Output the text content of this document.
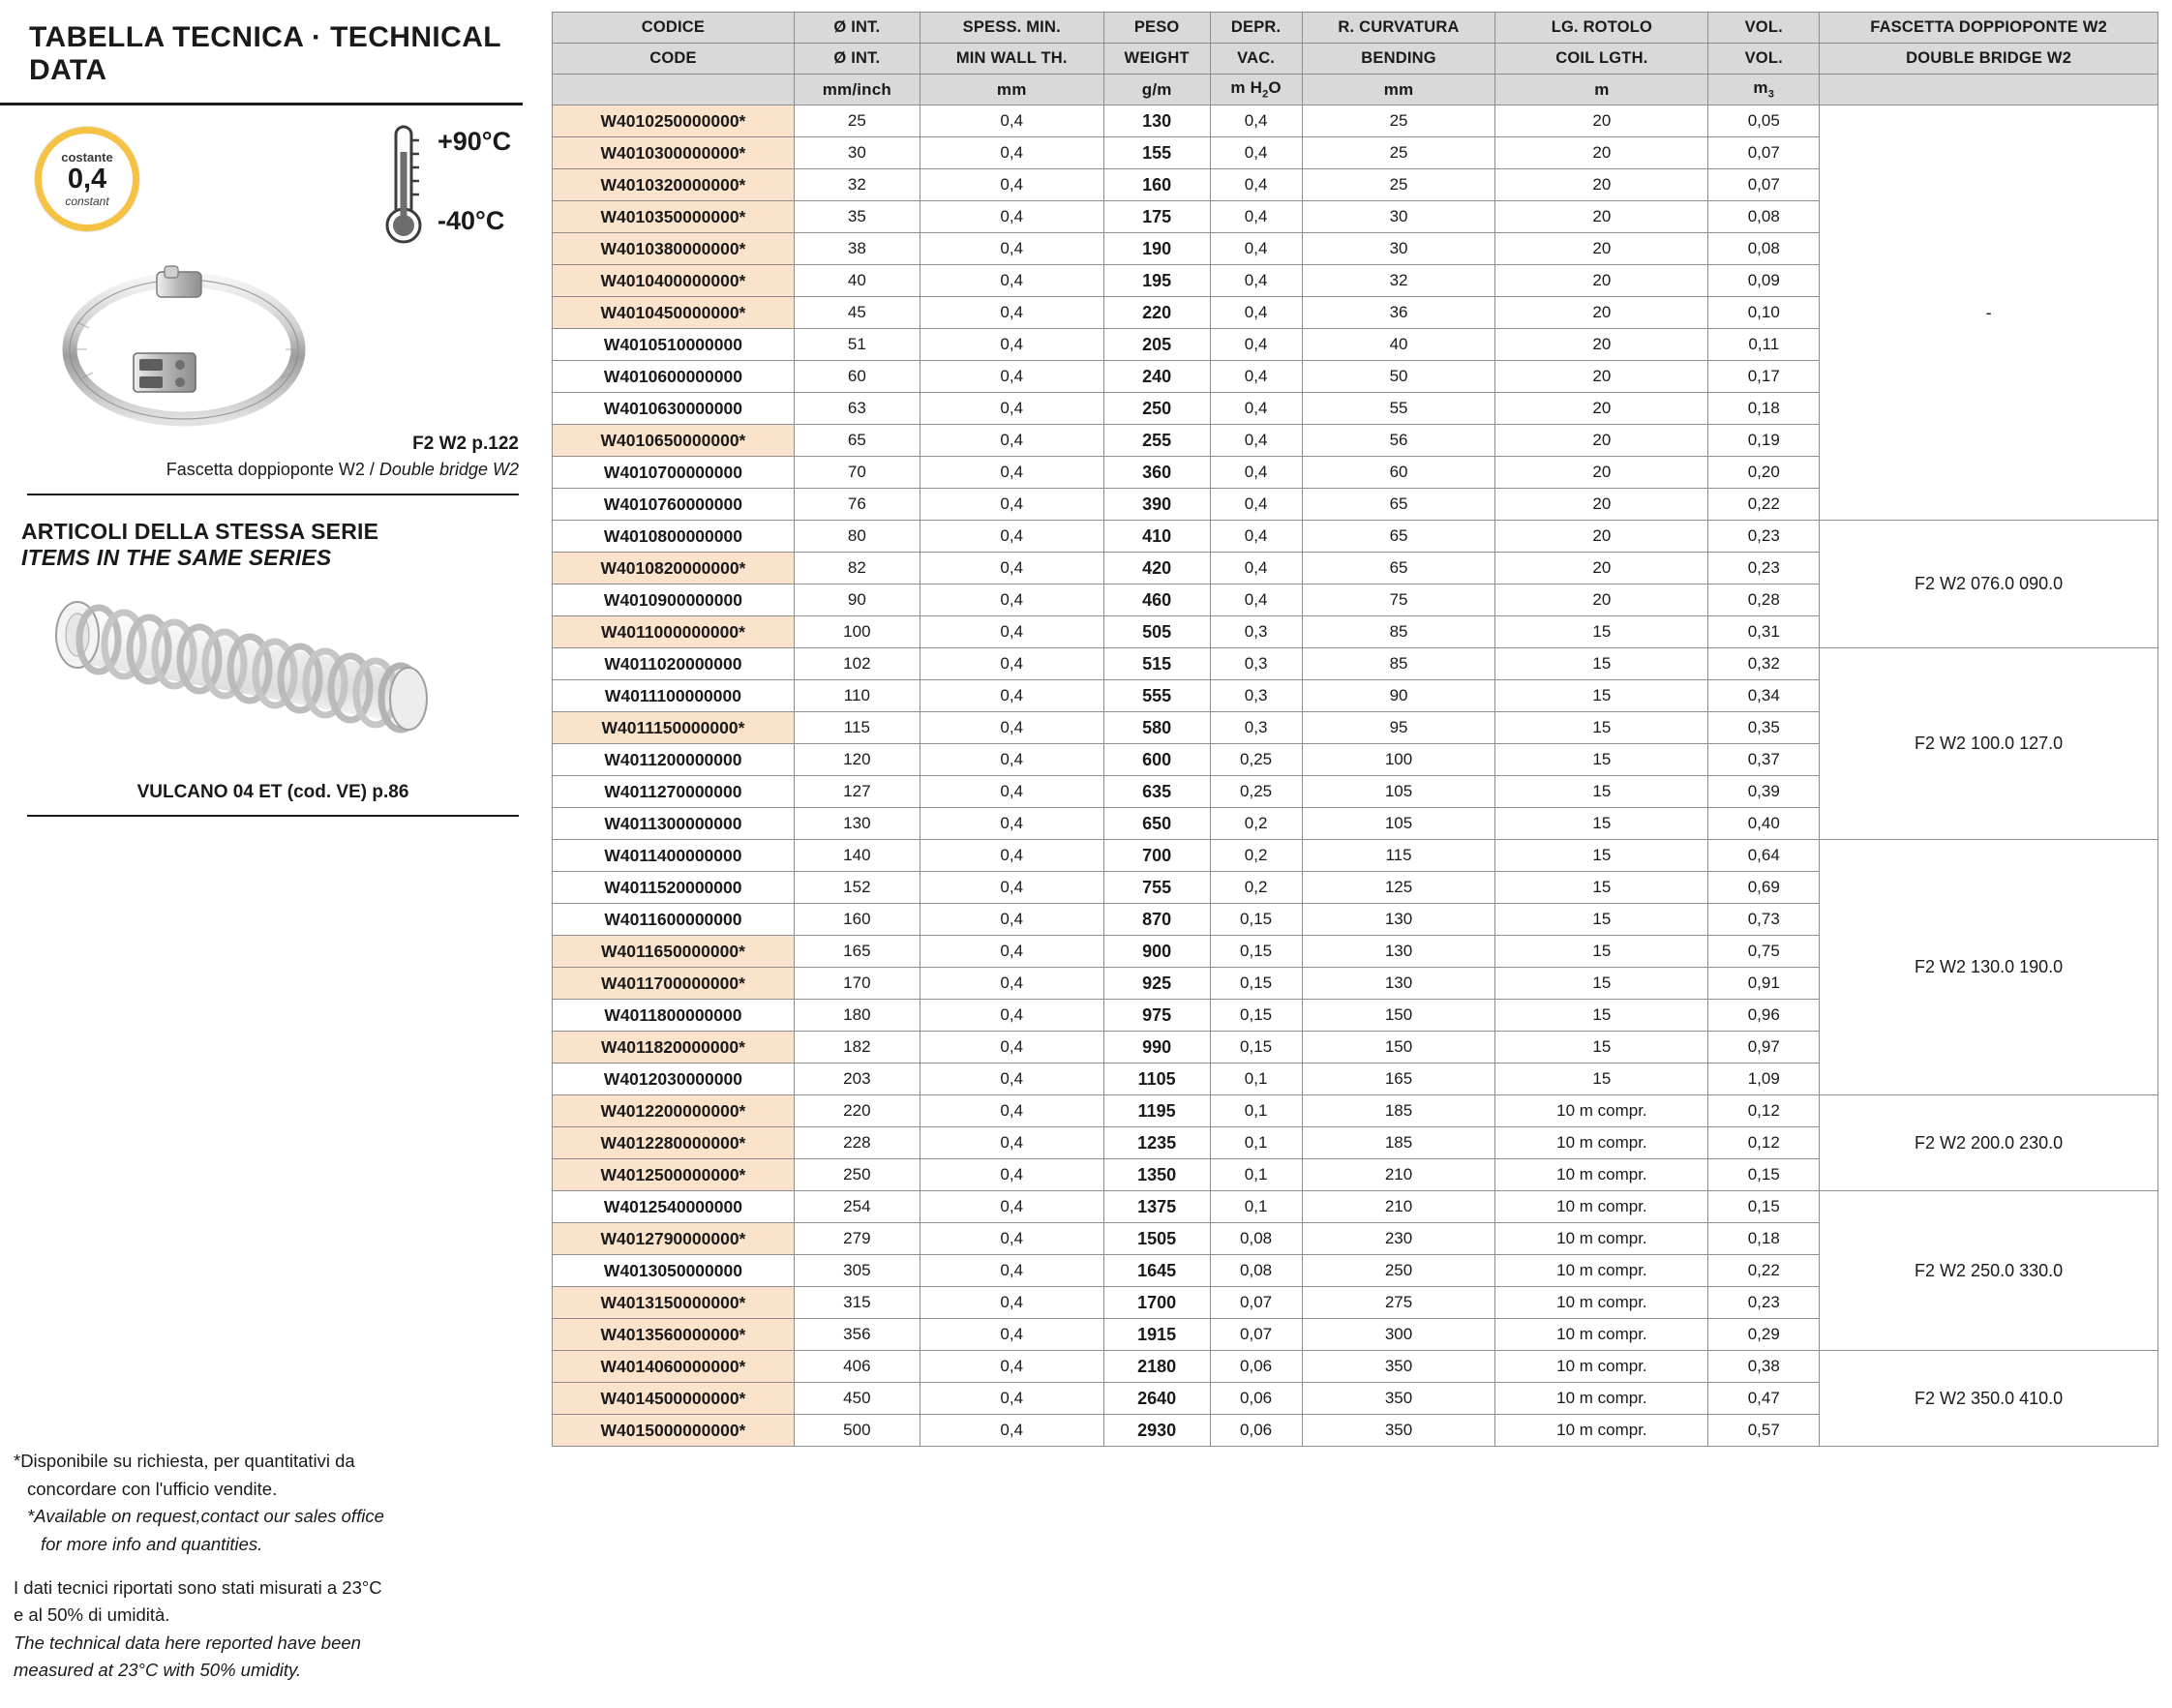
TABELLA TECNICA · TECHNICAL DATA
costante
0,4
constant
+90°C
-40°C
F2 W2 p.122
Fascetta doppioponte W2 / Double bridge W2
ARTICOLI DELLA STESSA SERIE
ITEMS IN THE SAME SERIES
VULCANO 04 ET (cod. VE) p.86

*Disponibile su richiesta, per quantitativi da

concordare con l'ufficio vendite.

*Available on request,contact our sales office

for more info and quantities.

I dati tecnici riportati sono stati misurati a 23°C

e al 50% di umidità.

The technical data here reported have been

measured at 23°C with 50% umidity.

CODICE	Ø INT.	SPESS. MIN.	PESO	DEPR.	R. CURVATURA	LG. ROTOLO	VOL.	FASCETTA DOPPIOPONTE W2
CODE	Ø INT.	MIN WALL TH.	WEIGHT	VAC.	BENDING	COIL LGTH.	VOL.	DOUBLE BRIDGE W2
	mm/inch	mm	g/m	m $H_2O$	mm	m	$m_3$	
W4010250000000*	25	0,4	130	0,4	25	20	0,05	-
W4010300000000*	30	0,4	155	0,4	25	20	0,07	
W4010320000000*	32	0,4	160	0,4	25	20	0,07	
W4010350000000*	35	0,4	175	0,4	30	20	0,08	
W4010380000000*	38	0,4	190	0,4	30	20	0,08	
W4010400000000*	40	0,4	195	0,4	32	20	0,09	
W4010450000000*	45	0,4	220	0,4	36	20	0,10	
W4010510000000	51	0,4	205	0,4	40	20	0,11	
W4010600000000	60	0,4	240	0,4	50	20	0,17	
W4010630000000	63	0,4	250	0,4	55	20	0,18	
W4010650000000*	65	0,4	255	0,4	56	20	0,19	
W4010700000000	70	0,4	360	0,4	60	20	0,20	
W4010760000000	76	0,4	390	0,4	65	20	0,22	
W4010800000000	80	0,4	410	0,4	65	20	0,23	F2 W2 076.0 090.0
W4010820000000*	82	0,4	420	0,4	65	20	0,23	
W4010900000000	90	0,4	460	0,4	75	20	0,28	
W4011000000000*	100	0,4	505	0,3	85	15	0,31	
W4011020000000	102	0,4	515	0,3	85	15	0,32	F2 W2 100.0 127.0
W4011100000000	110	0,4	555	0,3	90	15	0,34	
W4011150000000*	115	0,4	580	0,3	95	15	0,35	
W4011200000000	120	0,4	600	0,25	100	15	0,37	
W4011270000000	127	0,4	635	0,25	105	15	0,39	
W4011300000000	130	0,4	650	0,2	105	15	0,40	
W4011400000000	140	0,4	700	0,2	115	15	0,64	F2 W2 130.0 190.0
W4011520000000	152	0,4	755	0,2	125	15	0,69	
W4011600000000	160	0,4	870	0,15	130	15	0,73	
W4011650000000*	165	0,4	900	0,15	130	15	0,75	
W4011700000000*	170	0,4	925	0,15	130	15	0,91	
W4011800000000	180	0,4	975	0,15	150	15	0,96	
W4011820000000*	182	0,4	990	0,15	150	15	0,97	
W4012030000000	203	0,4	1105	0,1	165	15	1,09	
W4012200000000*	220	0,4	1195	0,1	185	10 m compr.	0,12	F2 W2 200.0 230.0
W4012280000000*	228	0,4	1235	0,1	185	10 m compr.	0,12	
W4012500000000*	250	0,4	1350	0,1	210	10 m compr.	0,15	
W4012540000000	254	0,4	1375	0,1	210	10 m compr.	0,15	F2 W2 250.0 330.0
W4012790000000*	279	0,4	1505	0,08	230	10 m compr.	0,18	
W4013050000000	305	0,4	1645	0,08	250	10 m compr.	0,22	
W4013150000000*	315	0,4	1700	0,07	275	10 m compr.	0,23	
W4013560000000*	356	0,4	1915	0,07	300	10 m compr.	0,29	
W4014060000000*	406	0,4	2180	0,06	350	10 m compr.	0,38	F2 W2 350.0 410.0
W4014500000000*	450	0,4	2640	0,06	350	10 m compr.	0,47	
W4015000000000*	500	0,4	2930	0,06	350	10 m compr.	0,57	
